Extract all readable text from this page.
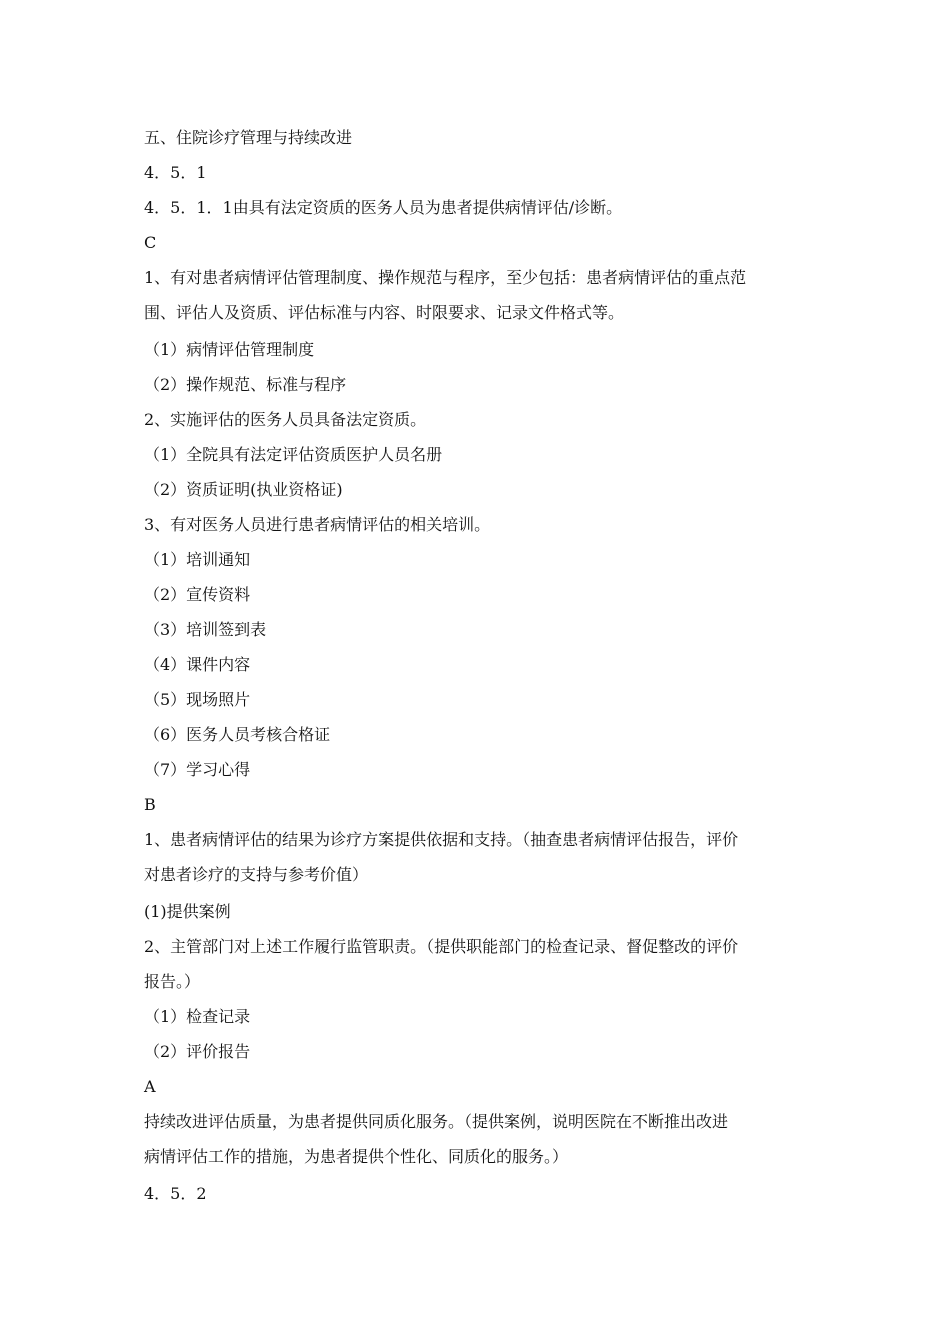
五、住院诊疗管理与持续改进
4．5．1
4．5．1．1由具有法定资质的医务人员为患者提供病情评估/诊断。
C
1、有对患者病情评估管理制度、操作规范与程序，至少包括：患者病情评估的重点范
围、评估人及资质、评估标准与内容、时限要求、记录文件格式等。
（1）病情评估管理制度
（2）操作规范、标准与程序
2、实施评估的医务人员具备法定资质。
（1）全院具有法定评估资质医护人员名册
（2）资质证明(执业资格证)
3、有对医务人员进行患者病情评估的相关培训。
（1）培训通知
（2）宣传资料
（3）培训签到表
（4）课件内容
（5）现场照片
（6）医务人员考核合格证
（7）学习心得
B
1、患者病情评估的结果为诊疗方案提供依据和支持。（抽查患者病情评估报告，评价
对患者诊疗的支持与参考价值）
(1)提供案例
2、主管部门对上述工作履行监管职责。（提供职能部门的检查记录、督促整改的评价
报告。）
（1）检查记录
（2）评价报告
A
持续改进评估质量，为患者提供同质化服务。（提供案例，说明医院在不断推出改进
病情评估工作的措施，为患者提供个性化、同质化的服务。）
4．5．2
